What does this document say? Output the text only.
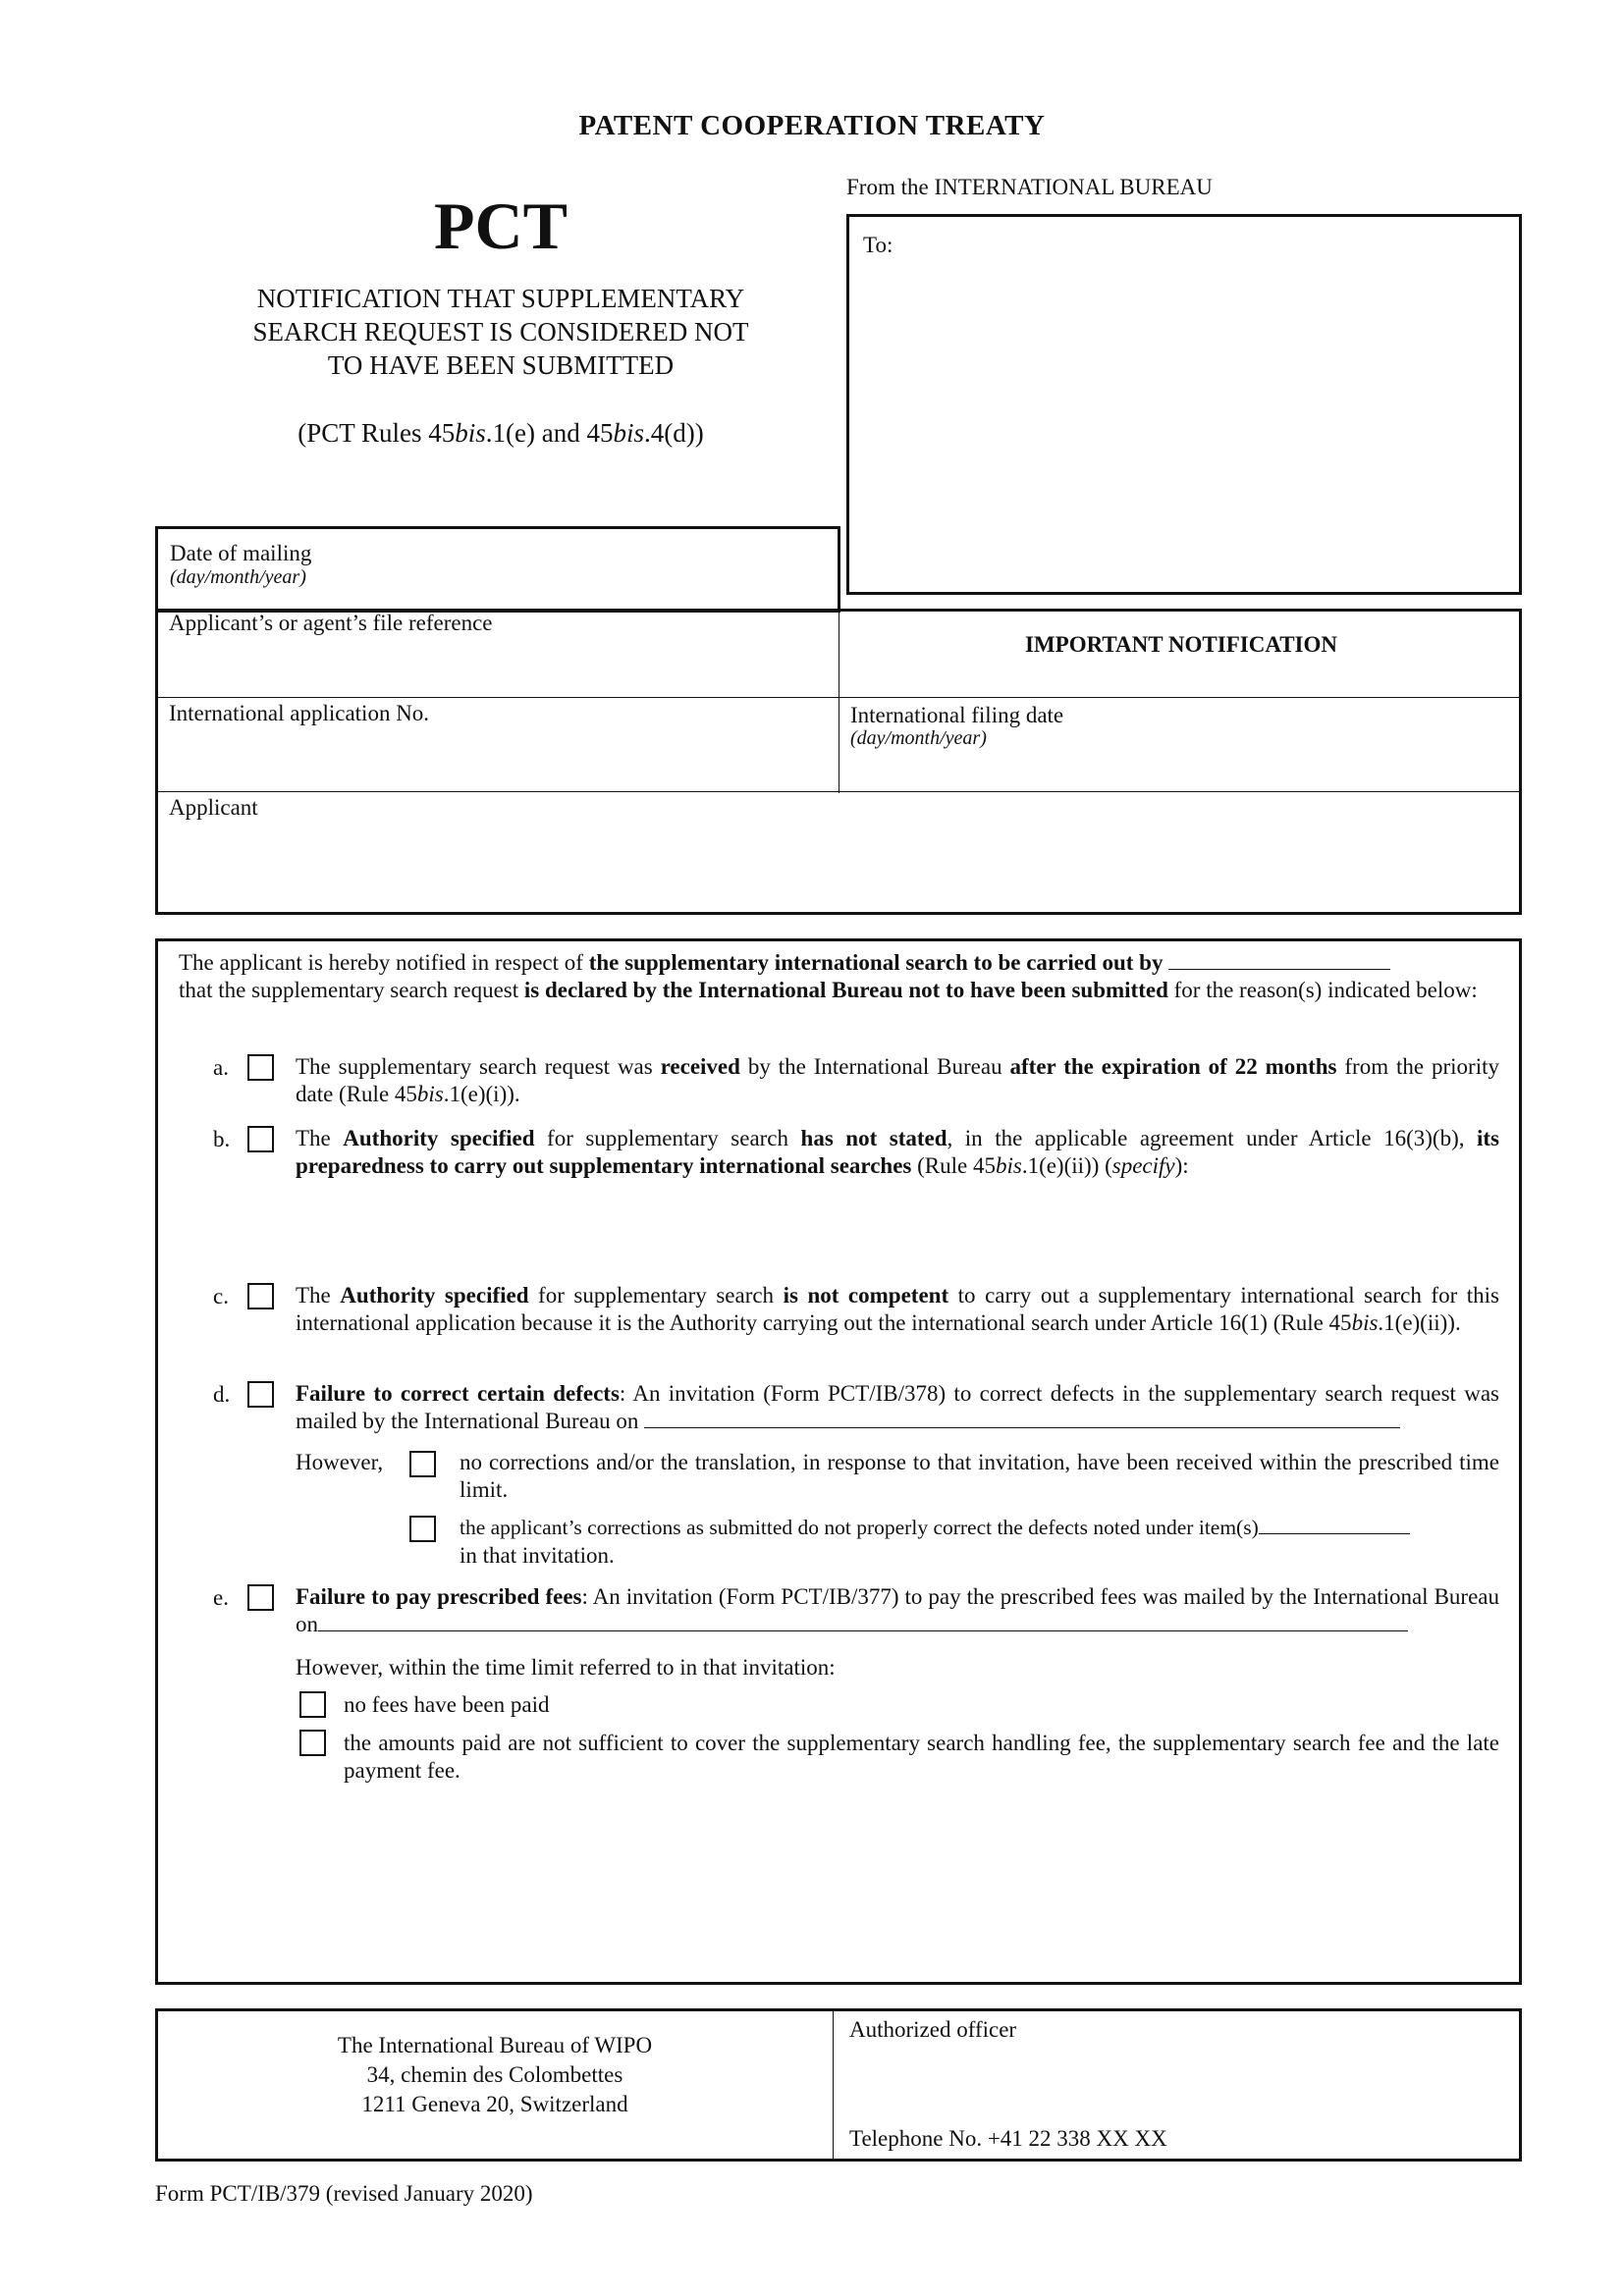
PATENT COOPERATION TREATY
PCT
NOTIFICATION THAT SUPPLEMENTARY
SEARCH REQUEST IS CONSIDERED NOT
TO HAVE BEEN SUBMITTED
(PCT Rules 45bis.1(e) and 45bis.4(d))
From the INTERNATIONAL BUREAU
To:
Date of mailing
(day/month/year)
Applicant’s or agent’s file reference
IMPORTANT NOTIFICATION
International application No.	International filing date
(day/month/year)
Applicant
The applicant is hereby notified in respect of the supplementary international search to be carried out by
that the supplementary search request is declared by the International Bureau not to have been submitted for the reason(s) indicated below:
a.	The supplementary search request was received by the International Bureau after the expiration of 22 months from the priority date (Rule 45bis.1(e)(i)).
b.	The Authority specified for supplementary search has not stated, in the applicable agreement under Article 16(3)(b), its preparedness to carry out supplementary international searches (Rule 45bis.1(e)(ii)) (specify):
c.	The Authority specified for supplementary search is not competent to carry out a supplementary international search for this international application because it is the Authority carrying out the international search under Article 16(1) (Rule 45bis.1(e)(ii)).
d.	Failure to correct certain defects: An invitation (Form PCT/IB/378) to correct defects in the supplementary search request was mailed by the International Bureau on
However,	no corrections and/or the translation, in response to that invitation, have been received within the prescribed time limit.
the applicant’s corrections as submitted do not properly correct the defects noted under item(s)
in that invitation.
e.	Failure to pay prescribed fees: An invitation (Form PCT/IB/377) to pay the prescribed fees was mailed by the International Bureau on
However, within the time limit referred to in that invitation:
no fees have been paid
the amounts paid are not sufficient to cover the supplementary search handling fee, the supplementary search fee and the late payment fee.
The International Bureau of WIPO
34, chemin des Colombettes
1211 Geneva 20, Switzerland
Authorized officer
Telephone No. +41 22 338 XX XX
Form PCT/IB/379 (revised January 2020)
